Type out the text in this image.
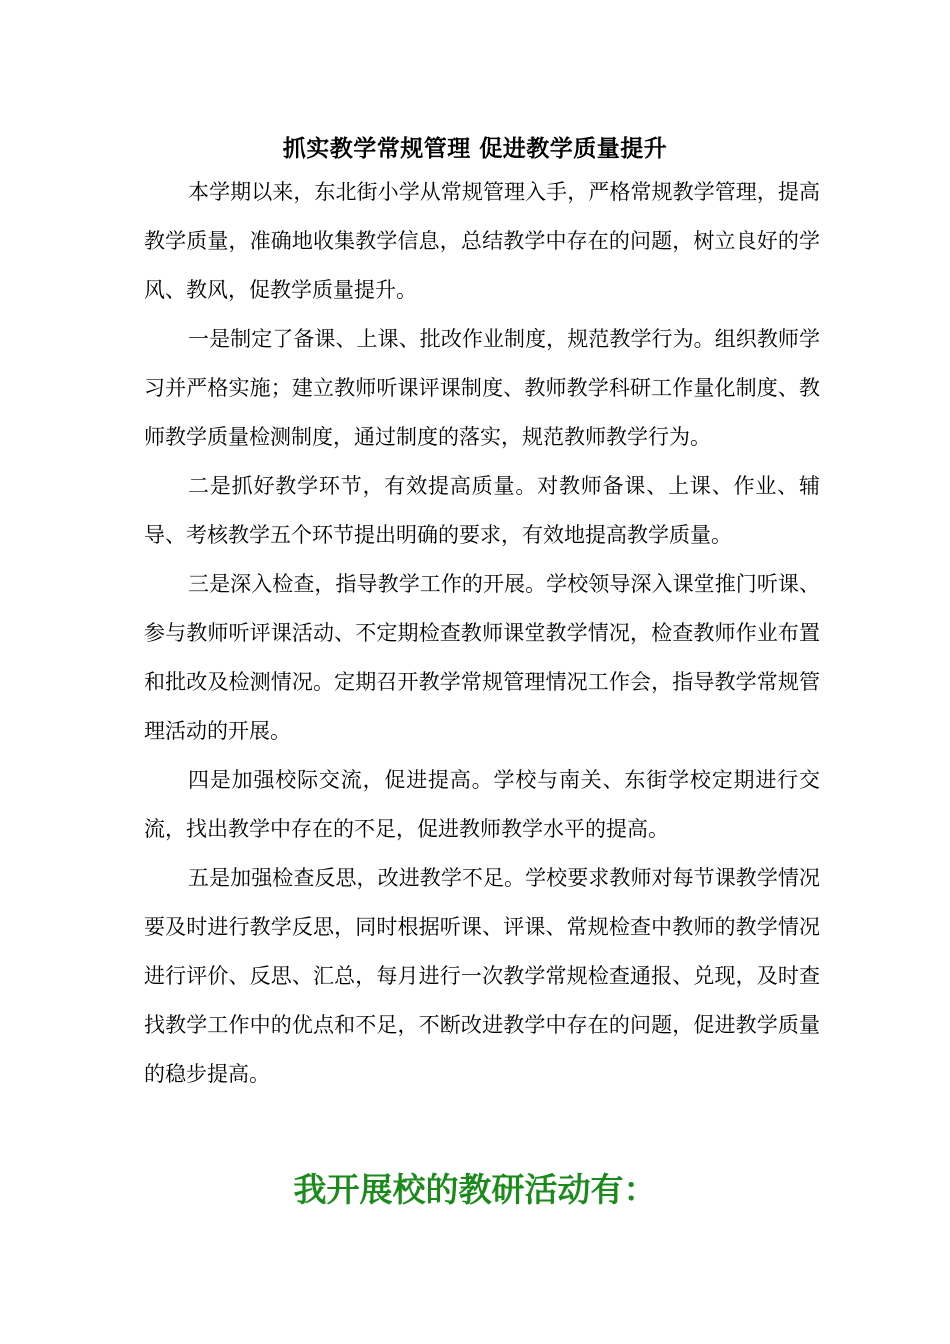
抓实教学常规管理 促进教学质量提升

本学期以来，东北街小学从常规管理入手，严格常规教学管理，提高教学质量，准确地收集教学信息，总结教学中存在的问题，树立良好的学风、教风，促教学质量提升。

一是制定了备课、上课、批改作业制度，规范教学行为。组织教师学习并严格实施；建立教师听课评课制度、教师教学科研工作量化制度、教师教学质量检测制度，通过制度的落实，规范教师教学行为。

二是抓好教学环节，有效提高质量。对教师备课、上课、作业、辅导、考核教学五个环节提出明确的要求，有效地提高教学质量。

三是深入检查，指导教学工作的开展。学校领导深入课堂推门听课、参与教师听评课活动、不定期检查教师课堂教学情况，检查教师作业布置和批改及检测情况。定期召开教学常规管理情况工作会，指导教学常规管理活动的开展。

四是加强校际交流，促进提高。学校与南关、东街学校定期进行交流，找出教学中存在的不足，促进教师教学水平的提高。

五是加强检查反思，改进教学不足。学校要求教师对每节课教学情况要及时进行教学反思，同时根据听课、评课、常规检查中教师的教学情况进行评价、反思、汇总，每月进行一次教学常规检查通报、兑现，及时查找教学工作中的优点和不足，不断改进教学中存在的问题，促进教学质量的稳步提高。

我开展校的教研活动有：
